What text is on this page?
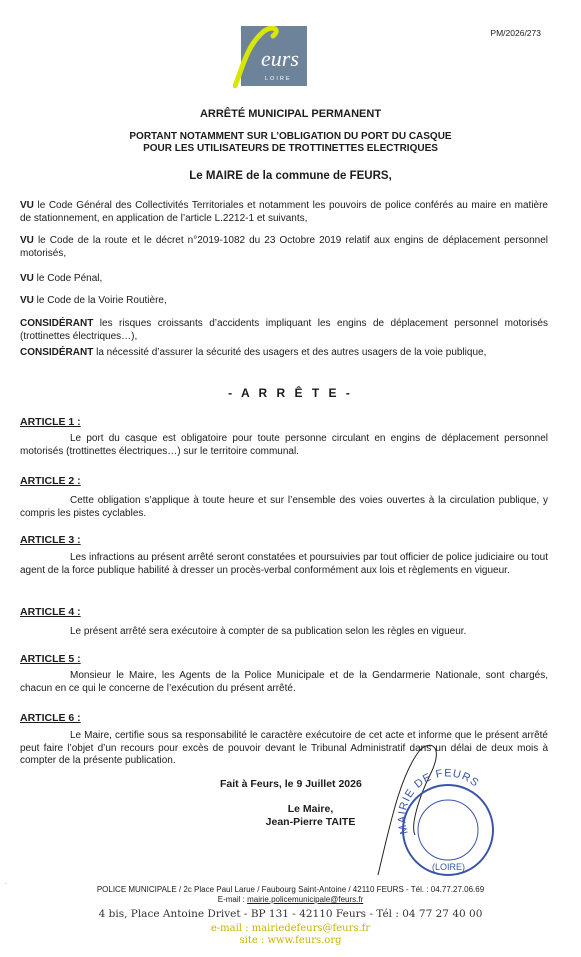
PM/2026/273
eurs
LOIRE
ARRÊTÉ MUNICIPAL PERMANENT
PORTANT NOTAMMENT SUR L’OBLIGATION DU PORT DU CASQUE
POUR LES UTILISATEURS DE TROTTINETTES ELECTRIQUES
Le MAIRE de la commune de FEURS,
VU le Code Général des Collectivités Territoriales et notamment les pouvoirs de police conférés au maire en matière de stationnement, en application de l’article L.2212-1 et suivants,
VU le Code de la route et le décret n°2019-1082 du 23 Octobre 2019 relatif aux engins de déplacement personnel motorisés,
VU le Code Pénal,
VU le Code de la Voirie Routière,
CONSIDÉRANT les risques croissants d’accidents impliquant les engins de déplacement personnel motorisés (trottinettes électriques…),
CONSIDÉRANT la nécessité d’assurer la sécurité des usagers et des autres usagers de la voie publique,
- A R R Ê T E -
ARTICLE 1 :
Le port du casque est obligatoire pour toute personne circulant en engins de déplacement personnel motorisés (trottinettes électriques…) sur le territoire communal.
ARTICLE 2 :
Cette obligation s’applique à toute heure et sur l’ensemble des voies ouvertes à la circulation publique, y compris les pistes cyclables.
ARTICLE 3 :
Les infractions au présent arrêté seront constatées et poursuivies par tout officier de police judiciaire ou tout agent de la force publique habilité à dresser un procès-verbal conformément aux lois et règlements en vigueur.
ARTICLE 4 :
Le présent arrêté sera exécutoire à compter de sa publication selon les règles en vigueur.
ARTICLE 5 :
Monsieur le Maire, les Agents de la Police Municipale et de la Gendarmerie Nationale, sont chargés, chacun en ce qui le concerne de l’exécution du présent arrêté.
ARTICLE 6 :
Le Maire, certifie sous sa responsabilité le caractère exécutoire de cet acte et informe que le présent arrêté peut faire l’objet d’un recours pour excès de pouvoir devant le Tribunal Administratif dans un délai de deux mois à compter de la présente publication.
Fait à Feurs, le 9 Juillet 2026
Le Maire,
Jean-Pierre TAITE
MAIRIE DE FEURS
(LOIRE)
.
POLICE MUNICIPALE / 2c Place Paul Larue / Faubourg Saint-Antoine / 42110 FEURS - Tél. : 04.77.27.06.69
E-mail : mairie.policemunicipale@feurs.fr
4 bis, Place Antoine Drivet - BP 131 - 42110 Feurs - Tél : 04 77 27 40 00
e-mail : mairiedefeurs@feurs.fr
site : www.feurs.org
